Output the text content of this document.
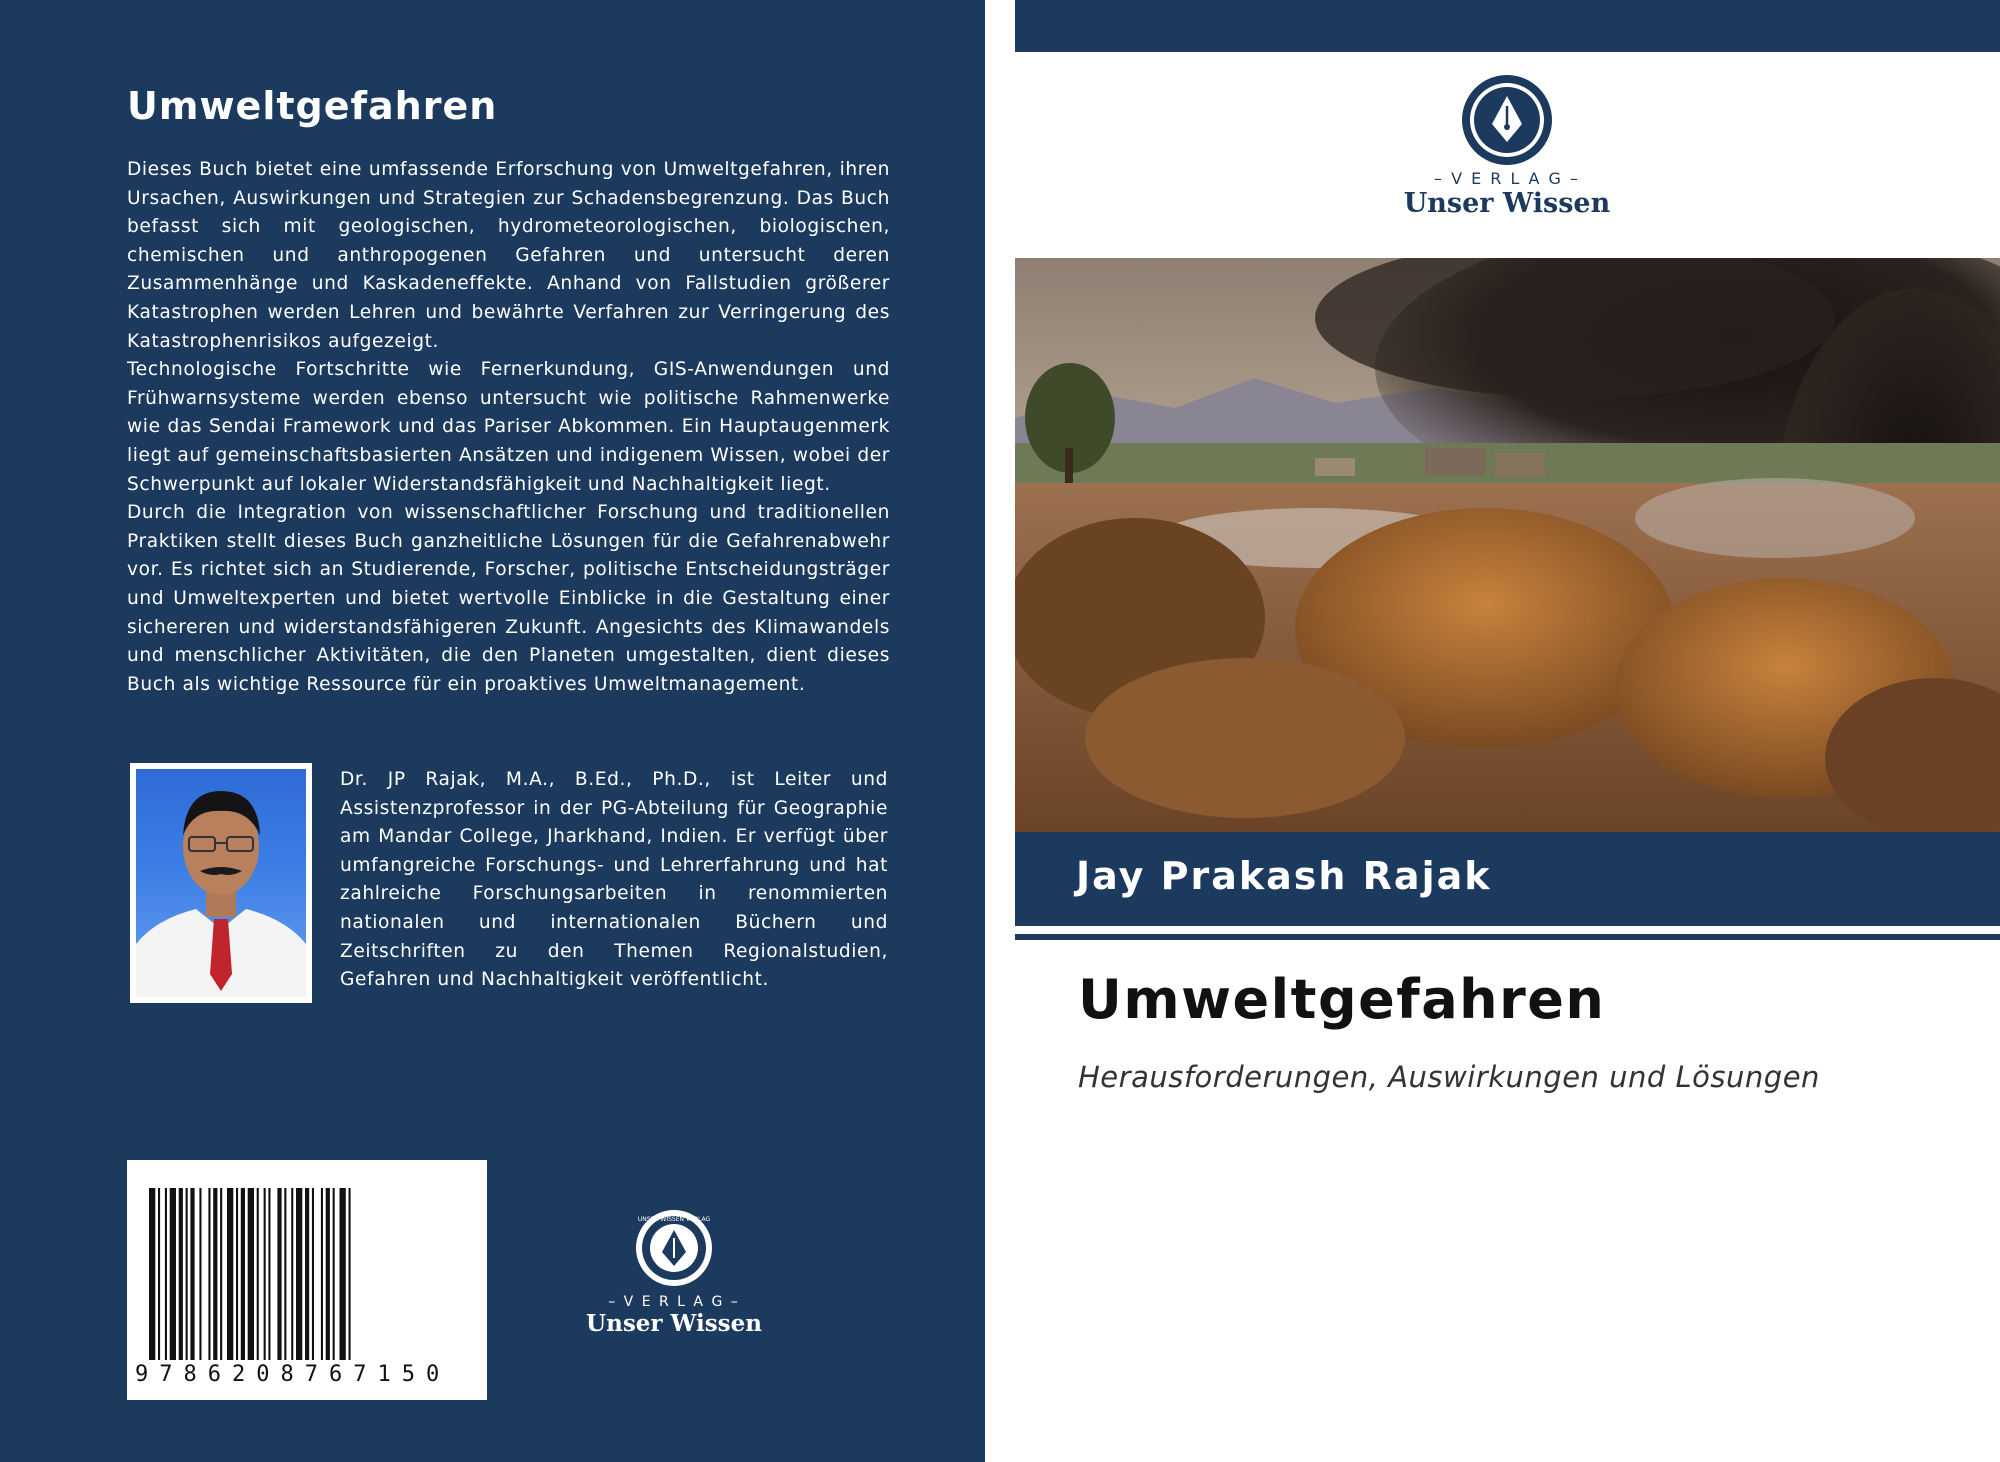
Umweltgefahren

Dieses Buch bietet eine umfassende Erforschung von Umweltgefahren, ihren Ursachen, Auswirkungen und Strategien zur Schadensbegrenzung. Das Buch befasst sich mit geologischen, hydrometeorologischen, biologischen, chemischen und anthropogenen Gefahren und untersucht deren Zusammenhänge und Kaskadeneffekte. Anhand von Fallstudien größerer Katastrophen werden Lehren und bewährte Verfahren zur Verringerung des Katastrophenrisikos aufgezeigt.

Technologische Fortschritte wie Fernerkundung, GIS-Anwendungen und Frühwarnsysteme werden ebenso untersucht wie politische Rahmenwerke wie das Sendai Framework und das Pariser Abkommen. Ein Hauptaugenmerk liegt auf gemeinschaftsbasierten Ansätzen und indigenem Wissen, wobei der Schwerpunkt auf lokaler Widerstandsfähigkeit und Nachhaltigkeit liegt.

Durch die Integration von wissenschaftlicher Forschung und traditionellen Praktiken stellt dieses Buch ganzheitliche Lösungen für die Gefahrenabwehr vor. Es richtet sich an Studierende, Forscher, politische Entscheidungsträger und Umweltexperten und bietet wertvolle Einblicke in die Gestaltung einer sichereren und widerstandsfähigeren Zukunft. Angesichts des Klimawandels und menschlicher Aktivitäten, die den Planeten umgestalten, dient dieses Buch als wichtige Ressource für ein proaktives Umweltmanagement.

Dr. JP Rajak, M.A., B.Ed., Ph.D., ist Leiter und Assistenzprofessor in der PG-Abteilung für Geographie am Mandar College, Jharkhand, Indien. Er verfügt über umfangreiche Forschungs- und Lehrerfahrung und hat zahlreiche Forschungsarbeiten in renommierten nationalen und internationalen Büchern und Zeitschriften zu den Themen Regionalstudien, Gefahren und Nachhaltigkeit veröffentlicht.
9786208767150
UNSER WISSEN VERLAG
– V E R L A G –
Unser Wissen
– V E R L A G –
Unser Wissen
Jay Prakash Rajak
Umweltgefahren
Herausforderungen, Auswirkungen und Lösungen
